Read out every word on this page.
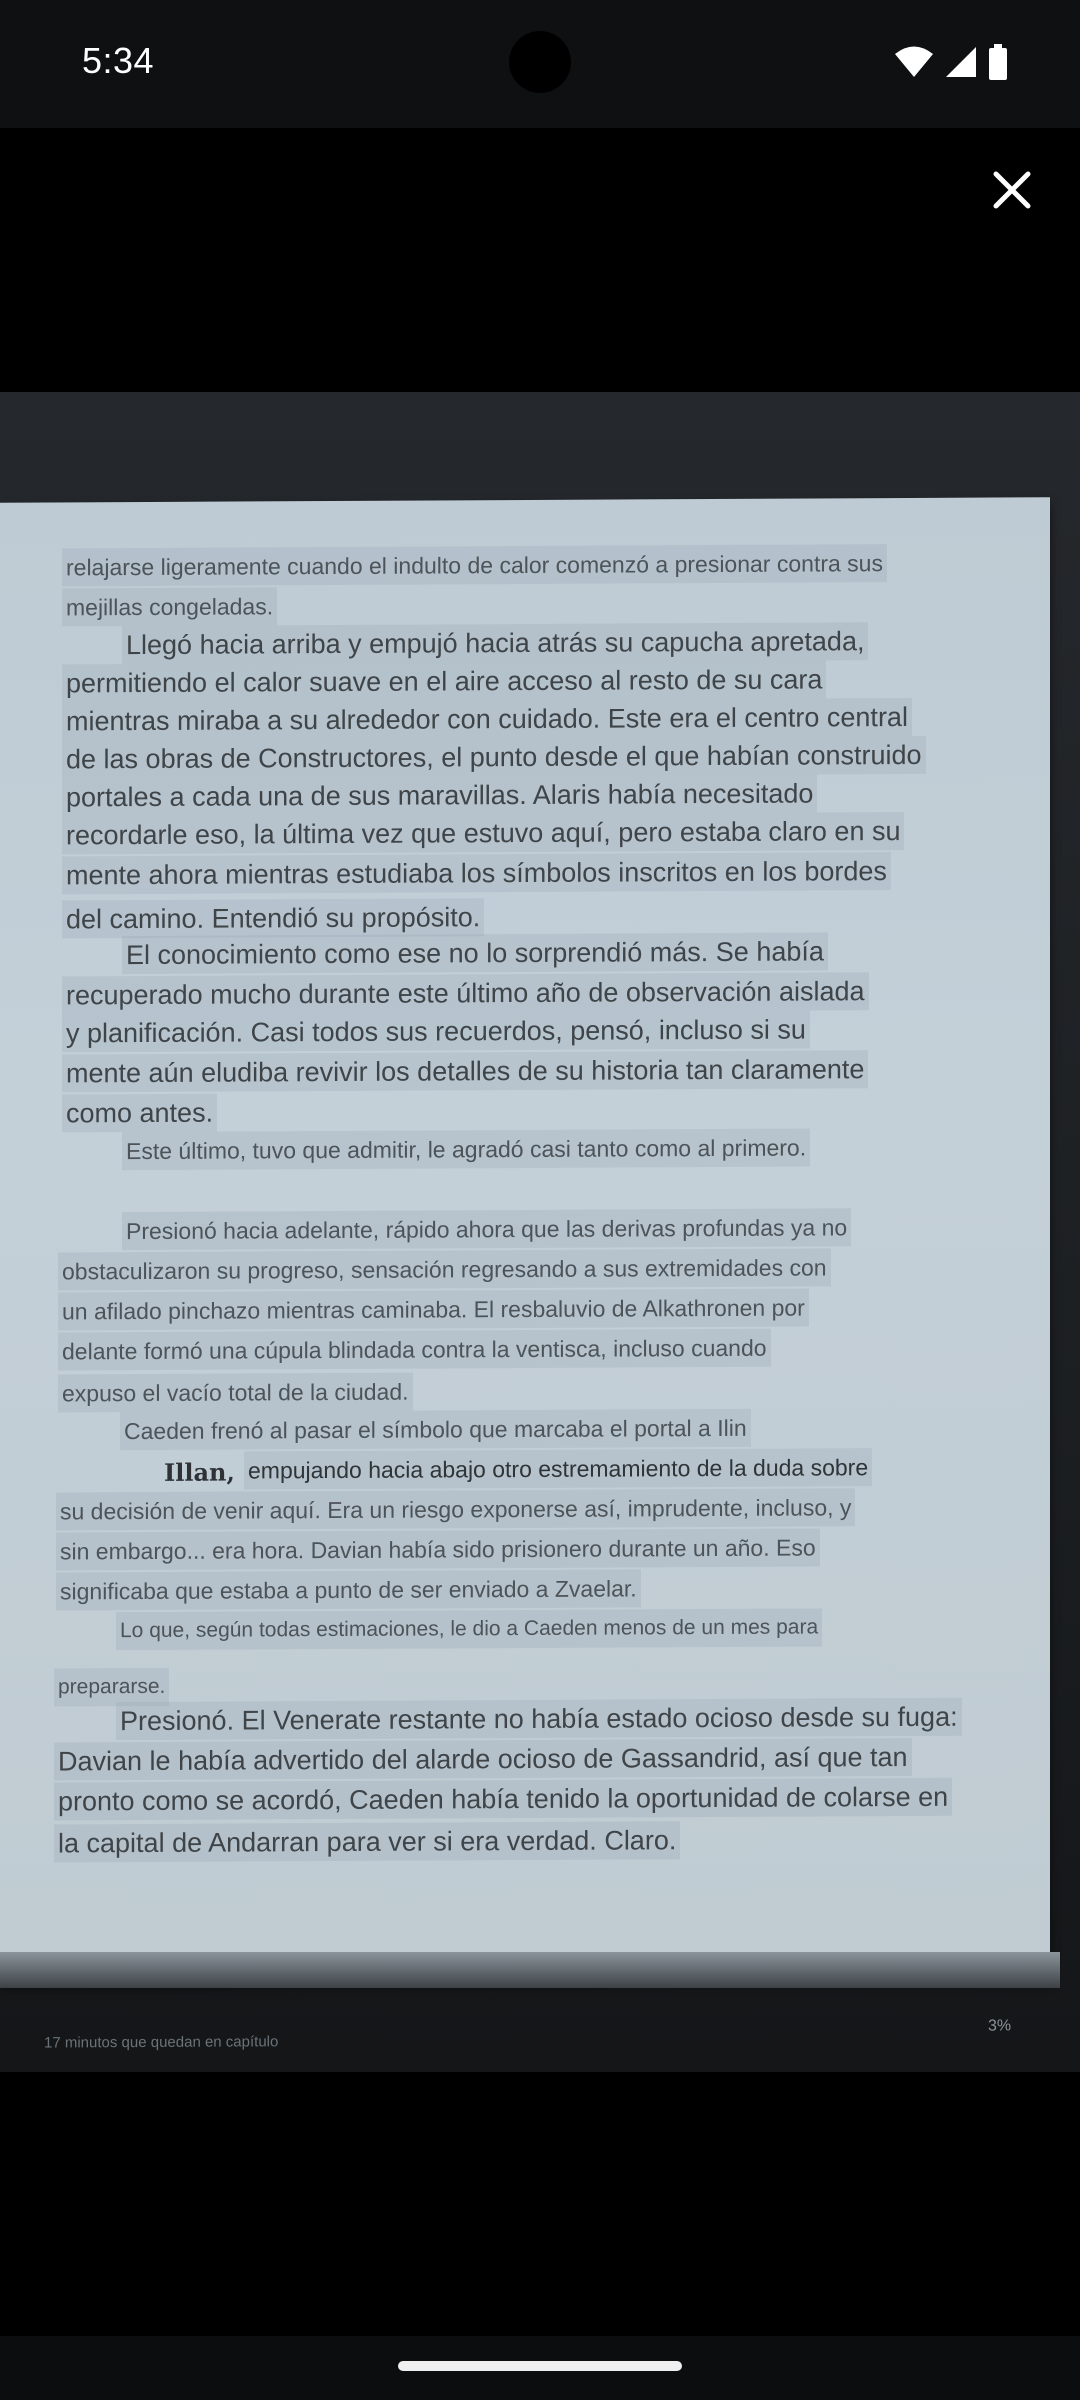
5:34
relajarse ligeramente cuando el indulto de calor comenzó a presionar contra sus
mejillas congeladas.
Llegó hacia arriba y empujó hacia atrás su capucha apretada,
permitiendo el calor suave en el aire acceso al resto de su cara
mientras miraba a su alrededor con cuidado. Este era el centro central
de las obras de Constructores, el punto desde el que habían construido
portales a cada una de sus maravillas. Alaris había necesitado
recordarle eso, la última vez que estuvo aquí, pero estaba claro en su
mente ahora mientras estudiaba los símbolos inscritos en los bordes
del camino. Entendió su propósito.
El conocimiento como ese no lo sorprendió más. Se había
recuperado mucho durante este último año de observación aislada
y planificación. Casi todos sus recuerdos, pensó, incluso si su
mente aún eludiba revivir los detalles de su historia tan claramente
como antes.
Este último, tuvo que admitir, le agradó casi tanto como al primero.
Presionó hacia adelante, rápido ahora que las derivas profundas ya no
obstaculizaron su progreso, sensación regresando a sus extremidades con
un afilado pinchazo mientras caminaba. El resbaluvio de Alkathronen por
delante formó una cúpula blindada contra la ventisca, incluso cuando
expuso el vacío total de la ciudad.
Caeden frenó al pasar el símbolo que marcaba el portal a Ilin
Illan, empujando hacia abajo otro estremamiento de la duda sobre
su decisión de venir aquí. Era un riesgo exponerse así, imprudente, incluso, y
sin embargo... era hora. Davian había sido prisionero durante un año. Eso
significaba que estaba a punto de ser enviado a Zvaelar.
Lo que, según todas estimaciones, le dio a Caeden menos de un mes para
prepararse.
Presionó. El Venerate restante no había estado ocioso desde su fuga:
Davian le había advertido del alarde ocioso de Gassandrid, así que tan
pronto como se acordó, Caeden había tenido la oportunidad de colarse en
la capital de Andarran para ver si era verdad. Claro.
17 minutos que quedan en capítulo
3%
